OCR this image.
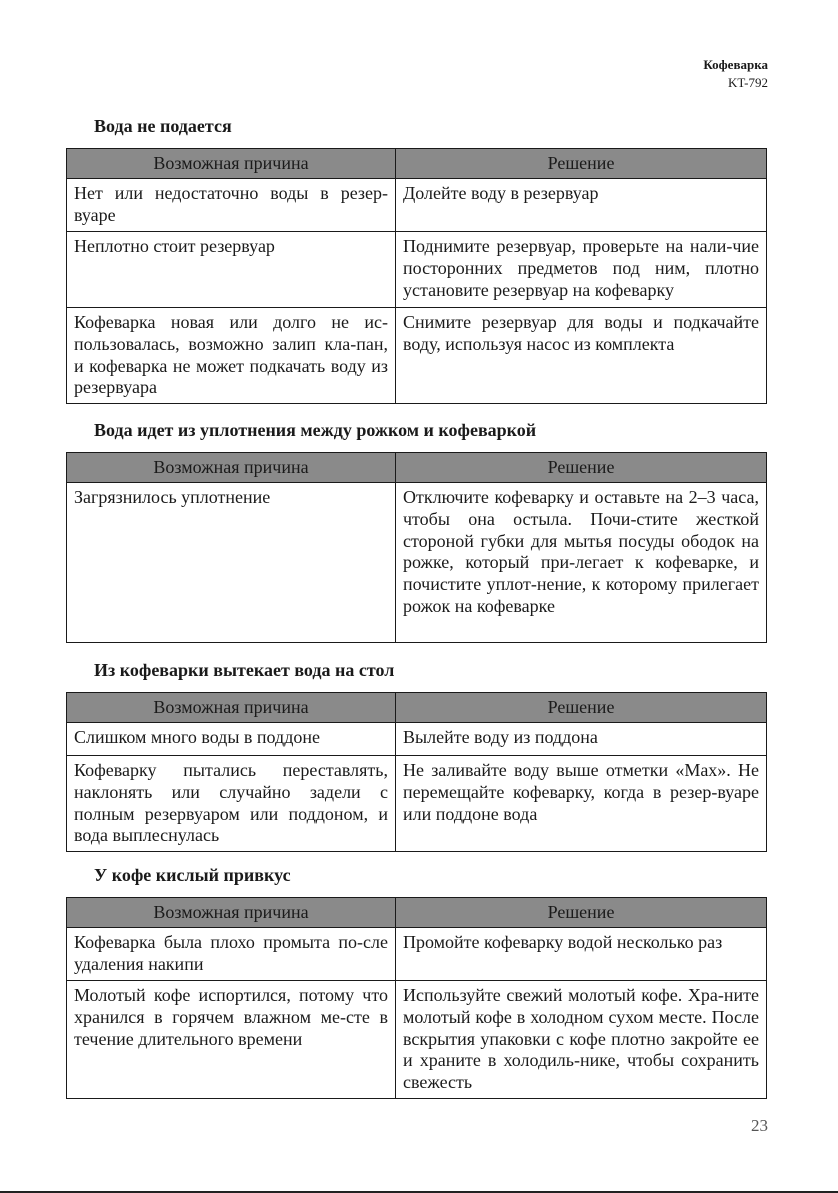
Кофеварка
KT-792
Вода не подается
Возможная причина	Решение
Нет или недостаточно воды в резер-вуаре	Долейте воду в резервуар
Неплотно стоит резервуар	Поднимите резервуар, проверьте на нали-чие посторонних предметов под ним, плотно установите резервуар на кофеварку
Кофеварка новая или долго не ис-пользовалась, возможно залип кла-пан, и кофеварка не может подкачать воду из резервуара	Снимите резервуар для воды и подкачайте воду, используя насос из комплекта
Вода идет из уплотнения между рожком и кофеваркой
Возможная причина	Решение
Загрязнилось уплотнение	Отключите кофеварку и оставьте на 2–3 часа, чтобы она остыла. Почи-стите жесткой стороной губки для мытья посуды ободок на рожке, который при-легает к кофеварке, и почистите уплот-нение, к которому прилегает рожок на кофеварке
Из кофеварки вытекает вода на стол
Возможная причина	Решение
Слишком много воды в поддоне	Вылейте воду из поддона
Кофеварку пытались переставлять, наклонять или случайно задели с полным резервуаром или поддоном, и вода выплеснулась	Не заливайте воду выше отметки «Max». Не перемещайте кофеварку, когда в резер-вуаре или поддоне вода
У кофе кислый привкус
Возможная причина	Решение
Кофеварка была плохо промыта по-сле удаления накипи	Промойте кофеварку водой несколько раз
Молотый кофе испортился, потому что хранился в горячем влажном ме-сте в течение длительного времени	Используйте свежий молотый кофе. Хра-ните молотый кофе в холодном сухом месте. После вскрытия упаковки с кофе плотно закройте ее и храните в холодиль-нике, чтобы сохранить свежесть
23
